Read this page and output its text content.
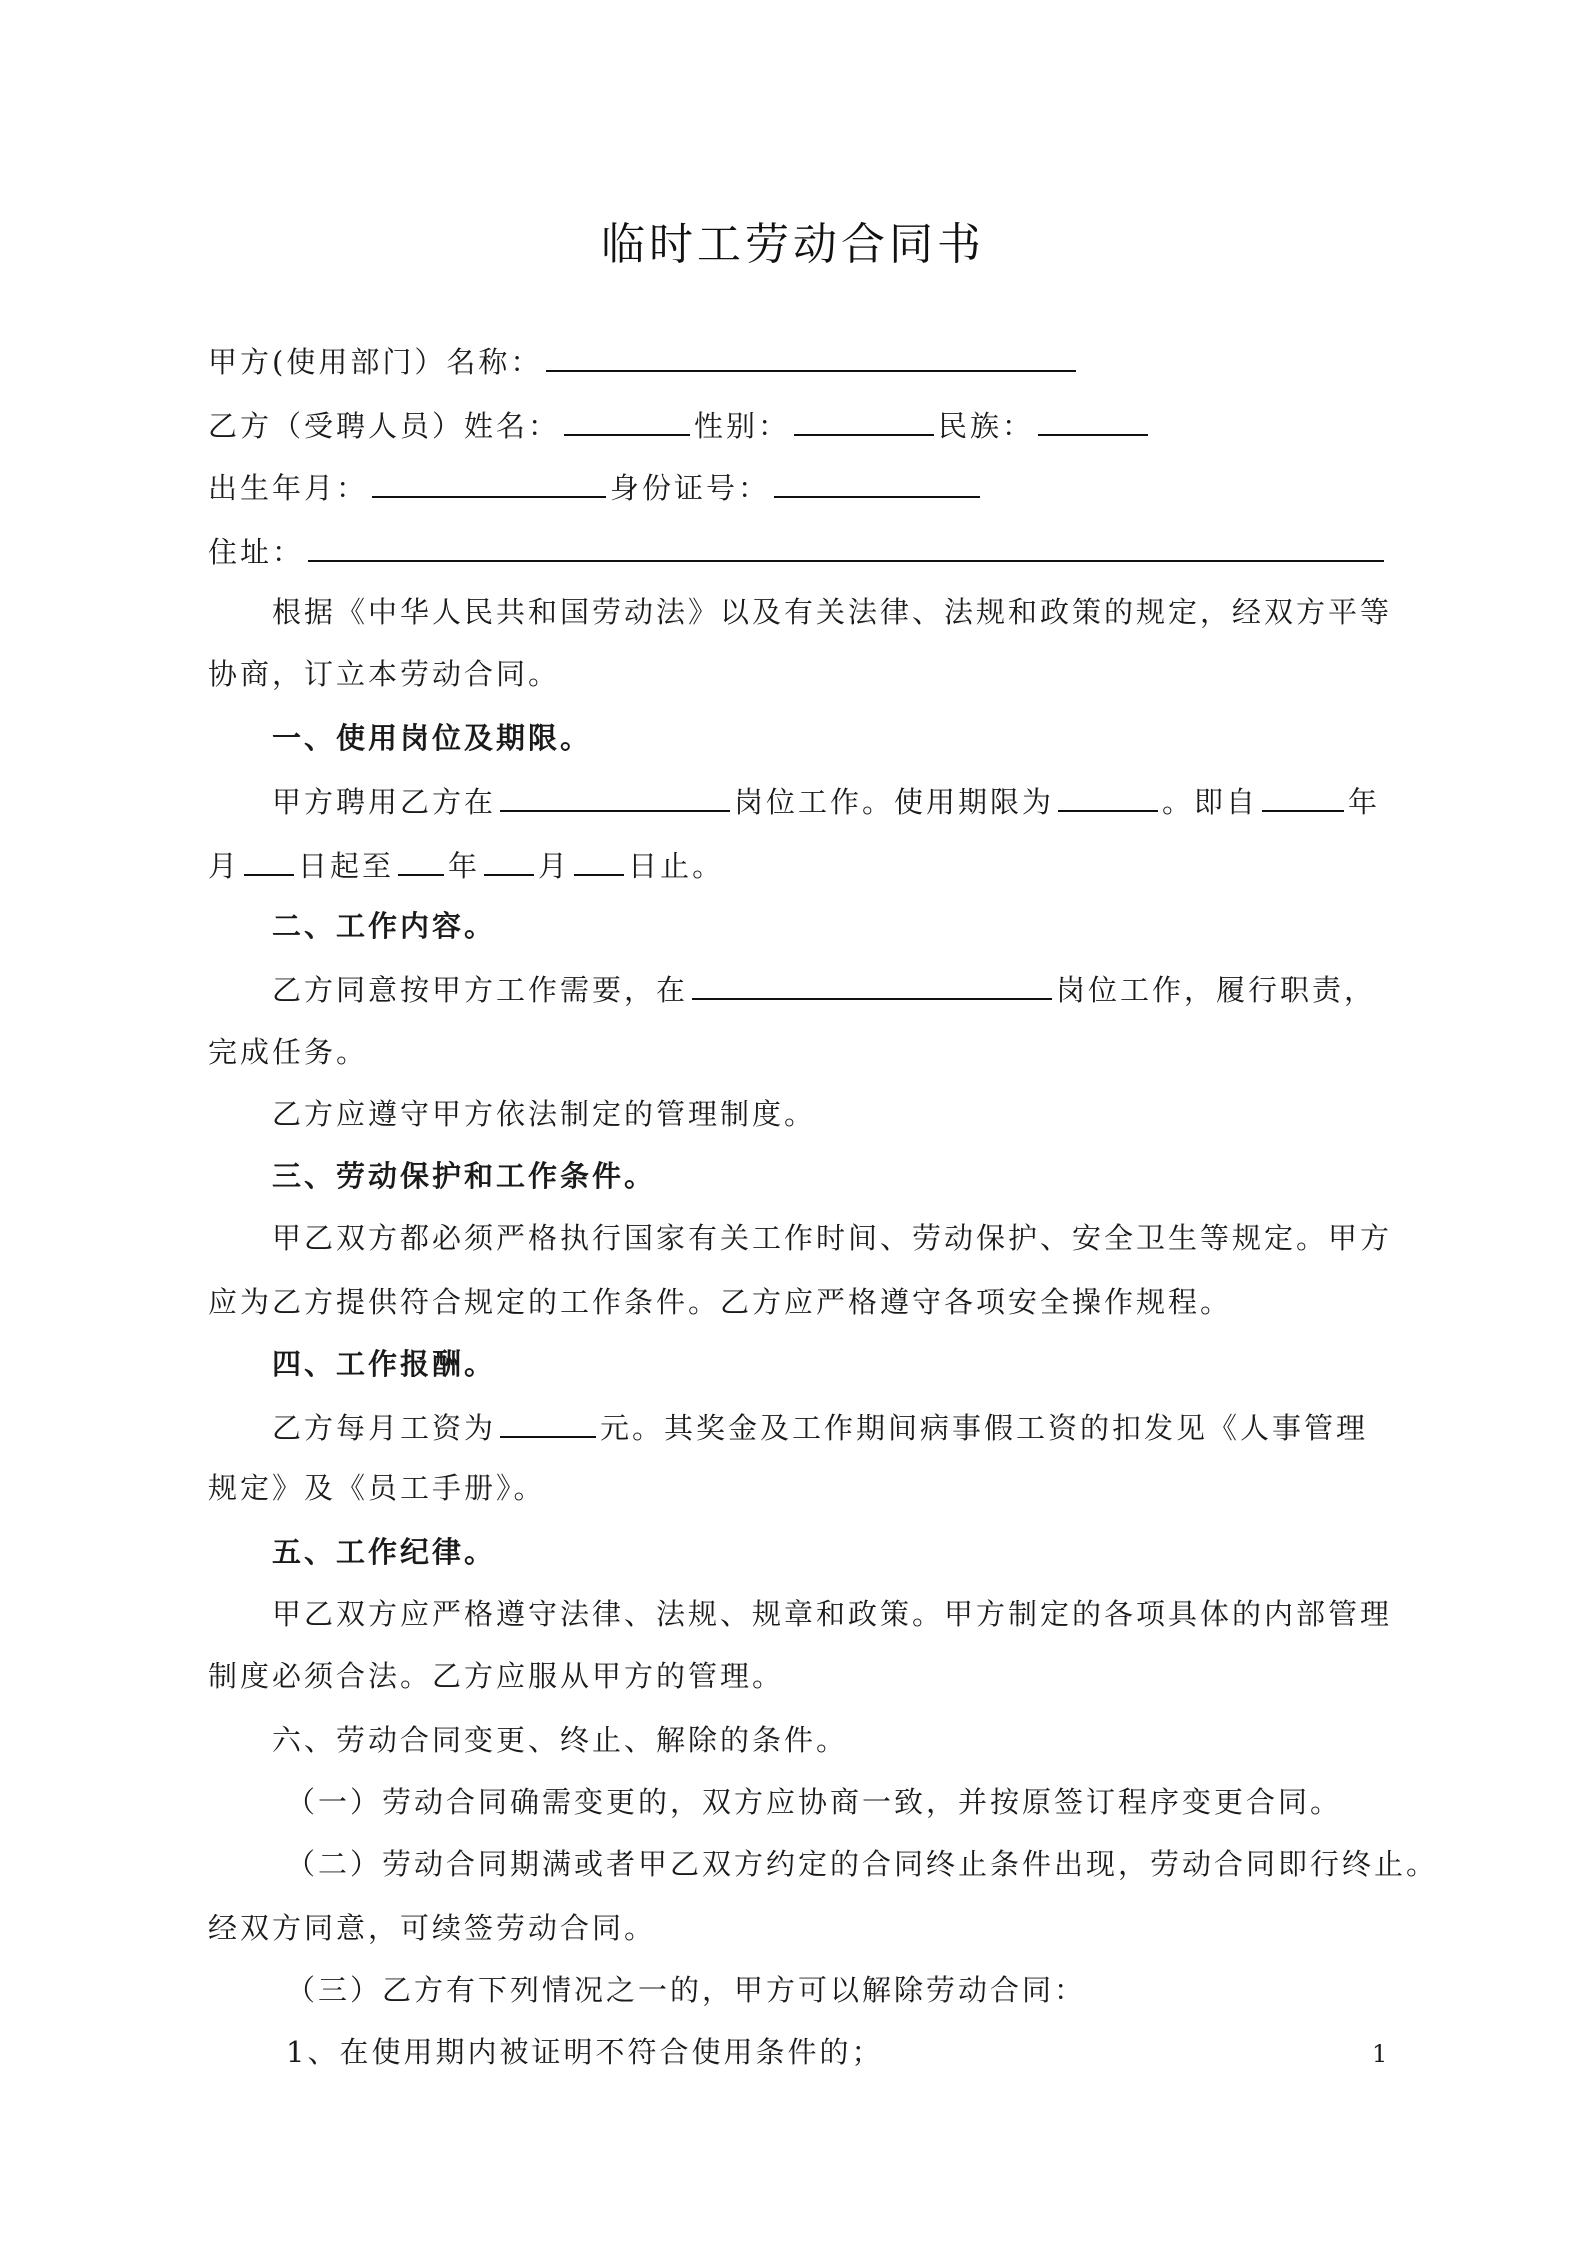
临时工劳动合同书
甲方(使用部门）名称：
乙方（受聘人员）姓名：	性别：	民族：
出生年月：	身份证号：
住址：
根据《中华人民共和国劳动法》以及有关法律、法规和政策的规定，经双方平等
协商，订立本劳动合同。
一、使用岗位及期限。
甲方聘用乙方在	岗位工作。使用期限为	。即自	年
月 日起至 年 月 日止。
二、工作内容。
乙方同意按甲方工作需要，在	岗位工作，履行职责，
完成任务。
乙方应遵守甲方依法制定的管理制度。
三、劳动保护和工作条件。
甲乙双方都必须严格执行国家有关工作时间、劳动保护、安全卫生等规定。甲方
应为乙方提供符合规定的工作条件。乙方应严格遵守各项安全操作规程。
四、工作报酬。
乙方每月工资为	元。其奖金及工作期间病事假工资的扣发见《人事管理
规定》及《员工手册》。
五、工作纪律。
甲乙双方应严格遵守法律、法规、规章和政策。甲方制定的各项具体的内部管理
制度必须合法。乙方应服从甲方的管理。
六、劳动合同变更、终止、解除的条件。
（一）劳动合同确需变更的，双方应协商一致，并按原签订程序变更合同。
（二）劳动合同期满或者甲乙双方约定的合同终止条件出现，劳动合同即行终止。
经双方同意，可续签劳动合同。
（三）乙方有下列情况之一的，甲方可以解除劳动合同：
1、在使用期内被证明不符合使用条件的；	1
